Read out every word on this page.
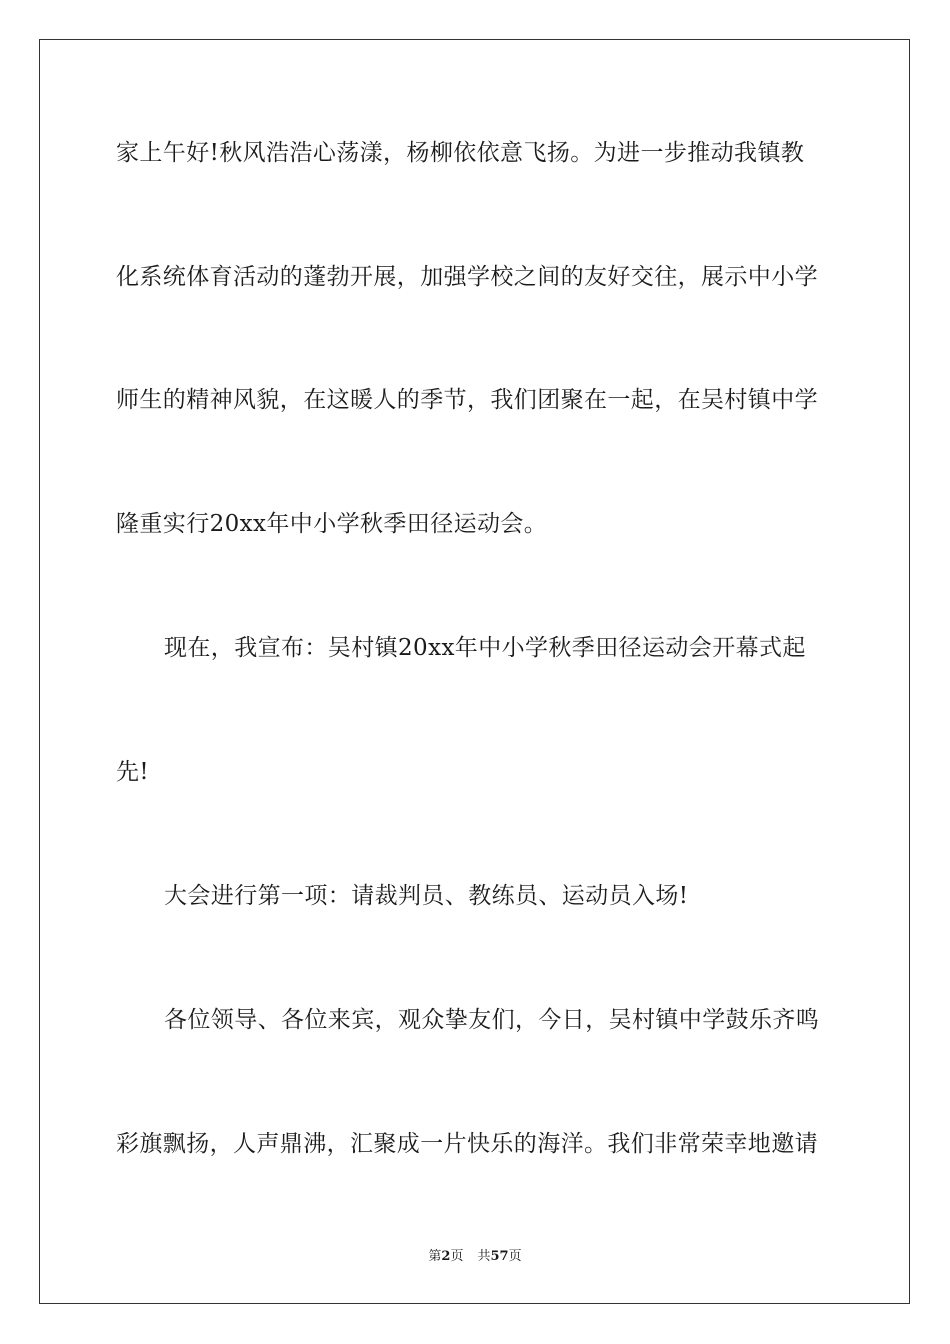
家上午好!秋风浩浩心荡漾，杨柳依依意飞扬。为进一步推动我镇教
化系统体育活动的蓬勃开展，加强学校之间的友好交往，展示中小学
师生的精神风貌，在这暖人的季节，我们团聚在一起，在吴村镇中学
隆重实行20xx年中小学秋季田径运动会。
现在，我宣布：吴村镇20xx年中小学秋季田径运动会开幕式起
先!
大会进行第一项：请裁判员、教练员、运动员入场!
各位领导、各位来宾，观众挚友们，今日，吴村镇中学鼓乐齐鸣
彩旗飘扬，人声鼎沸，汇聚成一片快乐的海洋。我们非常荣幸地邀请
第2页 共57页
